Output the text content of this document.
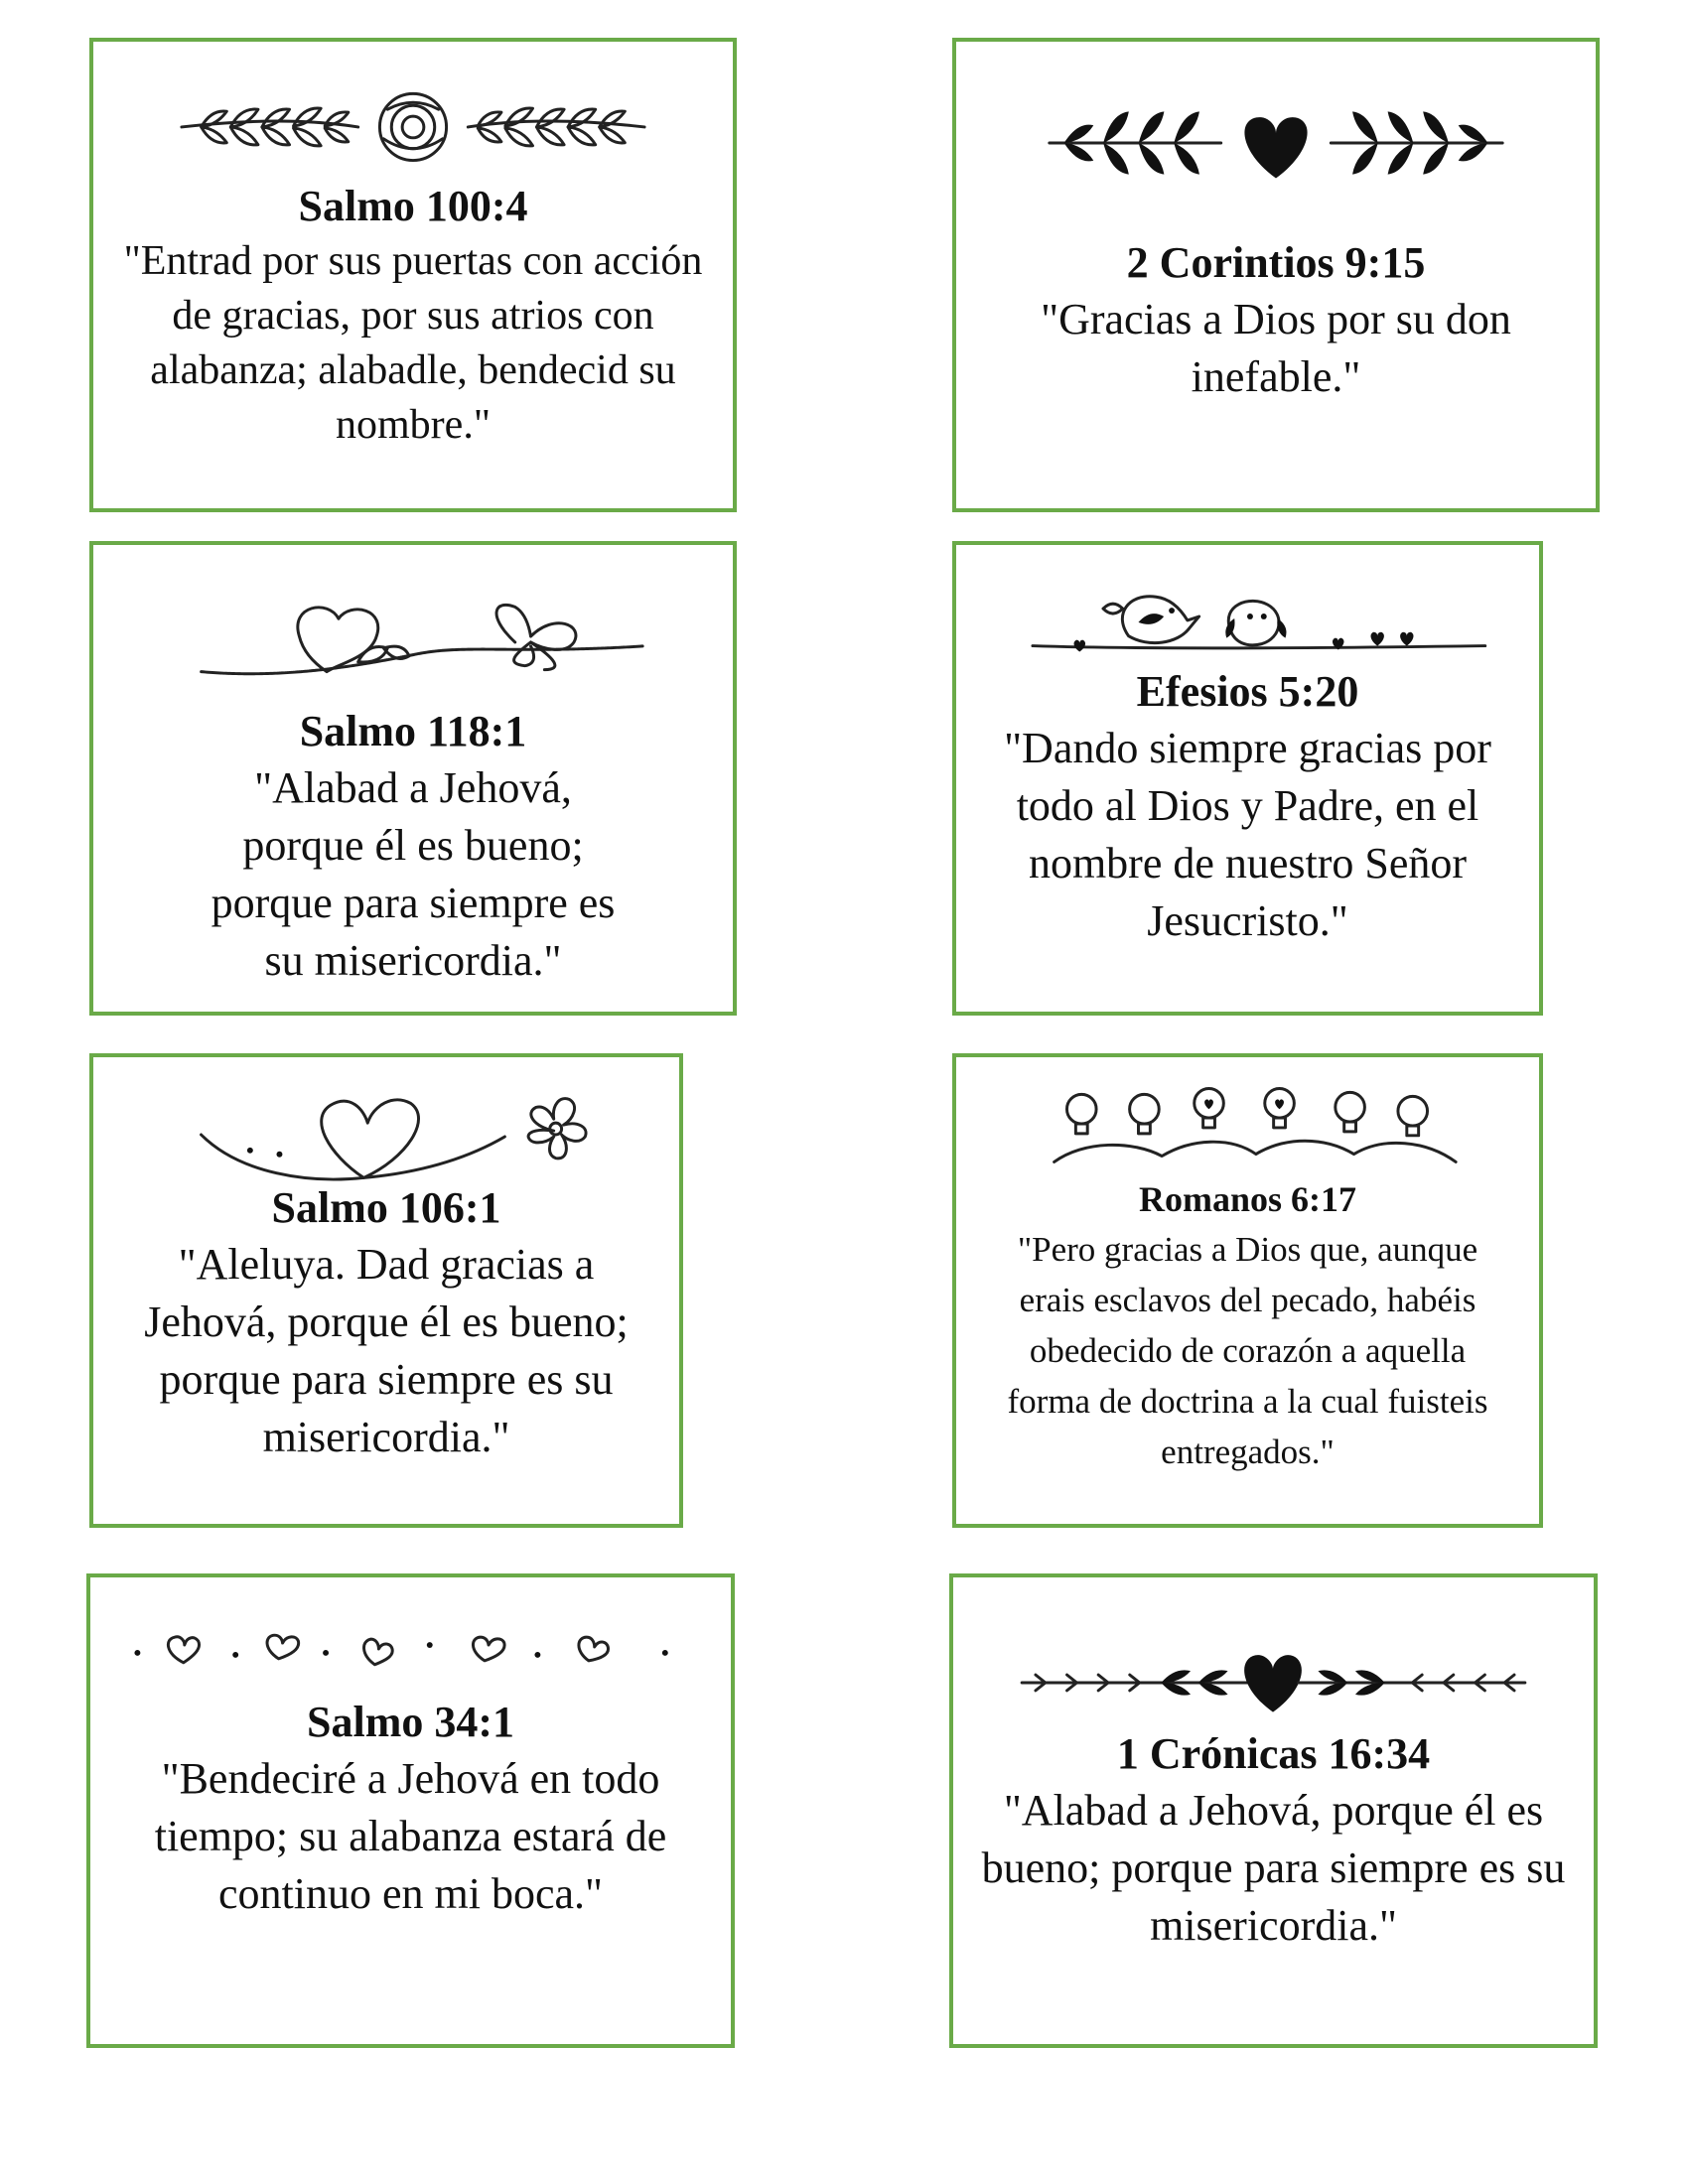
Salmo 100:4
"Entrad por sus puertas con acción de gracias, por sus atrios con alabanza; alabadle, bendecid su nombre."
2 Corintios 9:15
"Gracias a Dios por su don inefable."
Salmo 118:1
"Alabad a Jehová, porque él es bueno; porque para siempre es su misericordia."
Efesios 5:20
"Dando siempre gracias por todo al Dios y Padre, en el nombre de nuestro Señor Jesucristo."
Salmo 106:1
"Aleluya. Dad gracias a Jehová, porque él es bueno; porque para siempre es su misericordia."
Romanos 6:17
"Pero gracias a Dios que, aunque erais esclavos del pecado, habéis obedecido de corazón a aquella forma de doctrina a la cual fuisteis entregados."
Salmo 34:1
"Bendeciré a Jehová en todo tiempo; su alabanza estará de continuo en mi boca."
1 Crónicas 16:34
"Alabad a Jehová, porque él es bueno; porque para siempre es su misericordia."
